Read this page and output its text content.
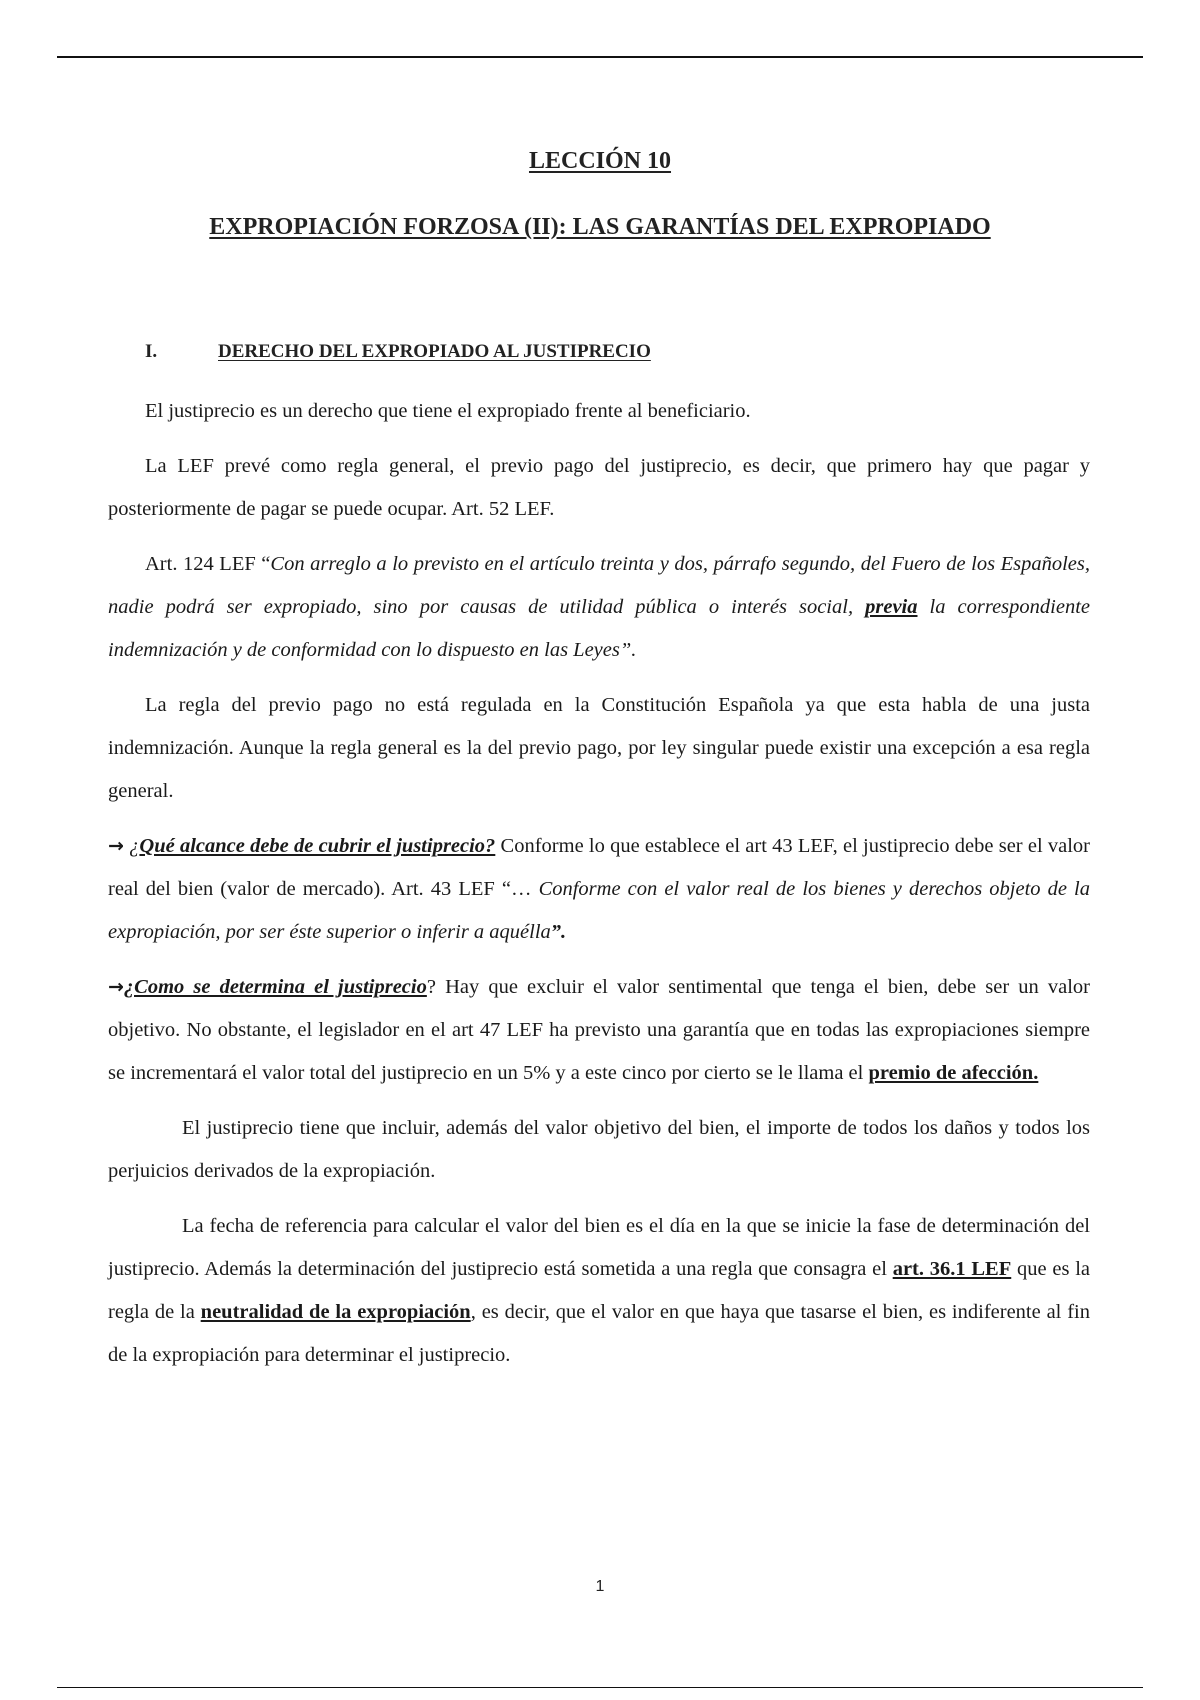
LECCIÓN 10
EXPROPIACIÓN FORZOSA (II): LAS GARANTÍAS DEL EXPROPIADO
I.	DERECHO DEL EXPROPIADO AL JUSTIPRECIO

El justiprecio es un derecho que tiene el expropiado frente al beneficiario.

La LEF prevé como regla general, el previo pago del justiprecio, es decir, que primero hay que pagar y posteriormente de pagar se puede ocupar. Art. 52 LEF.

Art. 124 LEF “Con arreglo a lo previsto en el artículo treinta y dos, párrafo segundo, del Fuero de los Españoles, nadie podrá ser expropiado, sino por causas de utilidad pública o interés social, previa la correspondiente indemnización y de conformidad con lo dispuesto en las Leyes”.

La regla del previo pago no está regulada en la Constitución Española ya que esta habla de una justa indemnización. Aunque la regla general es la del previo pago, por ley singular puede existir una excepción a esa regla general.

→ ¿Qué alcance debe de cubrir el justiprecio? Conforme lo que establece el art 43 LEF, el justiprecio debe ser el valor real del bien (valor de mercado). Art. 43 LEF “… Conforme con el valor real de los bienes y derechos objeto de la expropiación, por ser éste superior o inferir a aquélla”.

→¿Como se determina el justiprecio? Hay que excluir el valor sentimental que tenga el bien, debe ser un valor objetivo. No obstante, el legislador en el art 47 LEF ha previsto una garantía que en todas las expropiaciones siempre se incrementará el valor total del justiprecio en un 5% y a este cinco por cierto se le llama el premio de afección.

El justiprecio tiene que incluir, además del valor objetivo del bien, el importe de todos los daños y todos los perjuicios derivados de la expropiación.

La fecha de referencia para calcular el valor del bien es el día en la que se inicie la fase de determinación del justiprecio. Además la determinación del justiprecio está sometida a una regla que consagra el art. 36.1 LEF que es la regla de la neutralidad de la expropiación, es decir, que el valor en que haya que tasarse el bien, es indiferente al fin de la expropiación para determinar el justiprecio.

1
